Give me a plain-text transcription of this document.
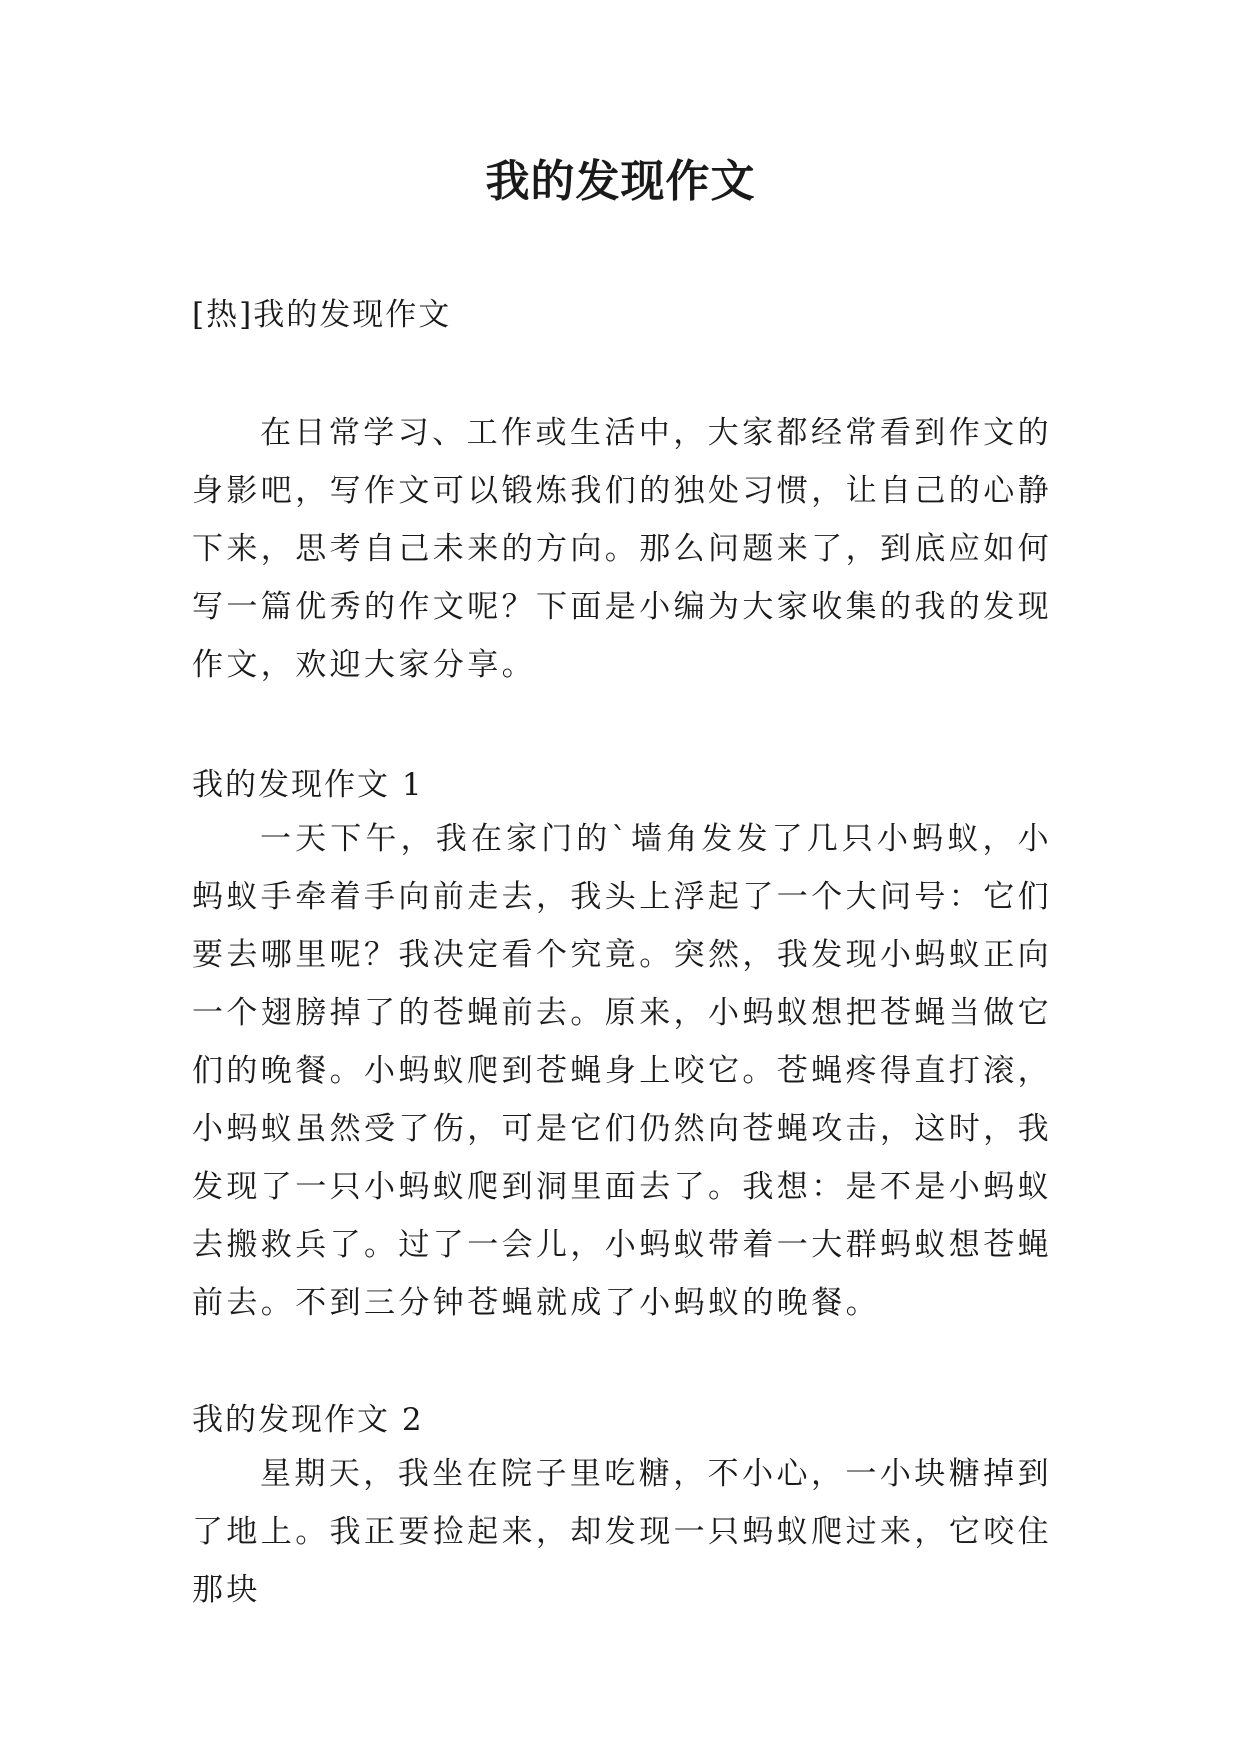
我的发现作文

[热]我的发现作文

在日常学习、工作或生活中，大家都经常看到作文的身影吧，写作文可以锻炼我们的独处习惯，让自己的心静下来，思考自己未来的方向。那么问题来了，到底应如何写一篇优秀的作文呢？下面是小编为大家收集的我的发现作文，欢迎大家分享。

我的发现作文 1

一天下午，我在家门的`墙角发发了几只小蚂蚁，小蚂蚁手牵着手向前走去，我头上浮起了一个大问号：它们要去哪里呢？我决定看个究竟。突然，我发现小蚂蚁正向一个翅膀掉了的苍蝇前去。原来，小蚂蚁想把苍蝇当做它们的晚餐。小蚂蚁爬到苍蝇身上咬它。苍蝇疼得直打滚，小蚂蚁虽然受了伤，可是它们仍然向苍蝇攻击，这时，我发现了一只小蚂蚁爬到洞里面去了。我想：是不是小蚂蚁去搬救兵了。过了一会儿，小蚂蚁带着一大群蚂蚁想苍蝇前去。不到三分钟苍蝇就成了小蚂蚁的晚餐。

我的发现作文 2

星期天，我坐在院子里吃糖，不小心，一小块糖掉到了地上。我正要捡起来，却发现一只蚂蚁爬过来，它咬住那块
